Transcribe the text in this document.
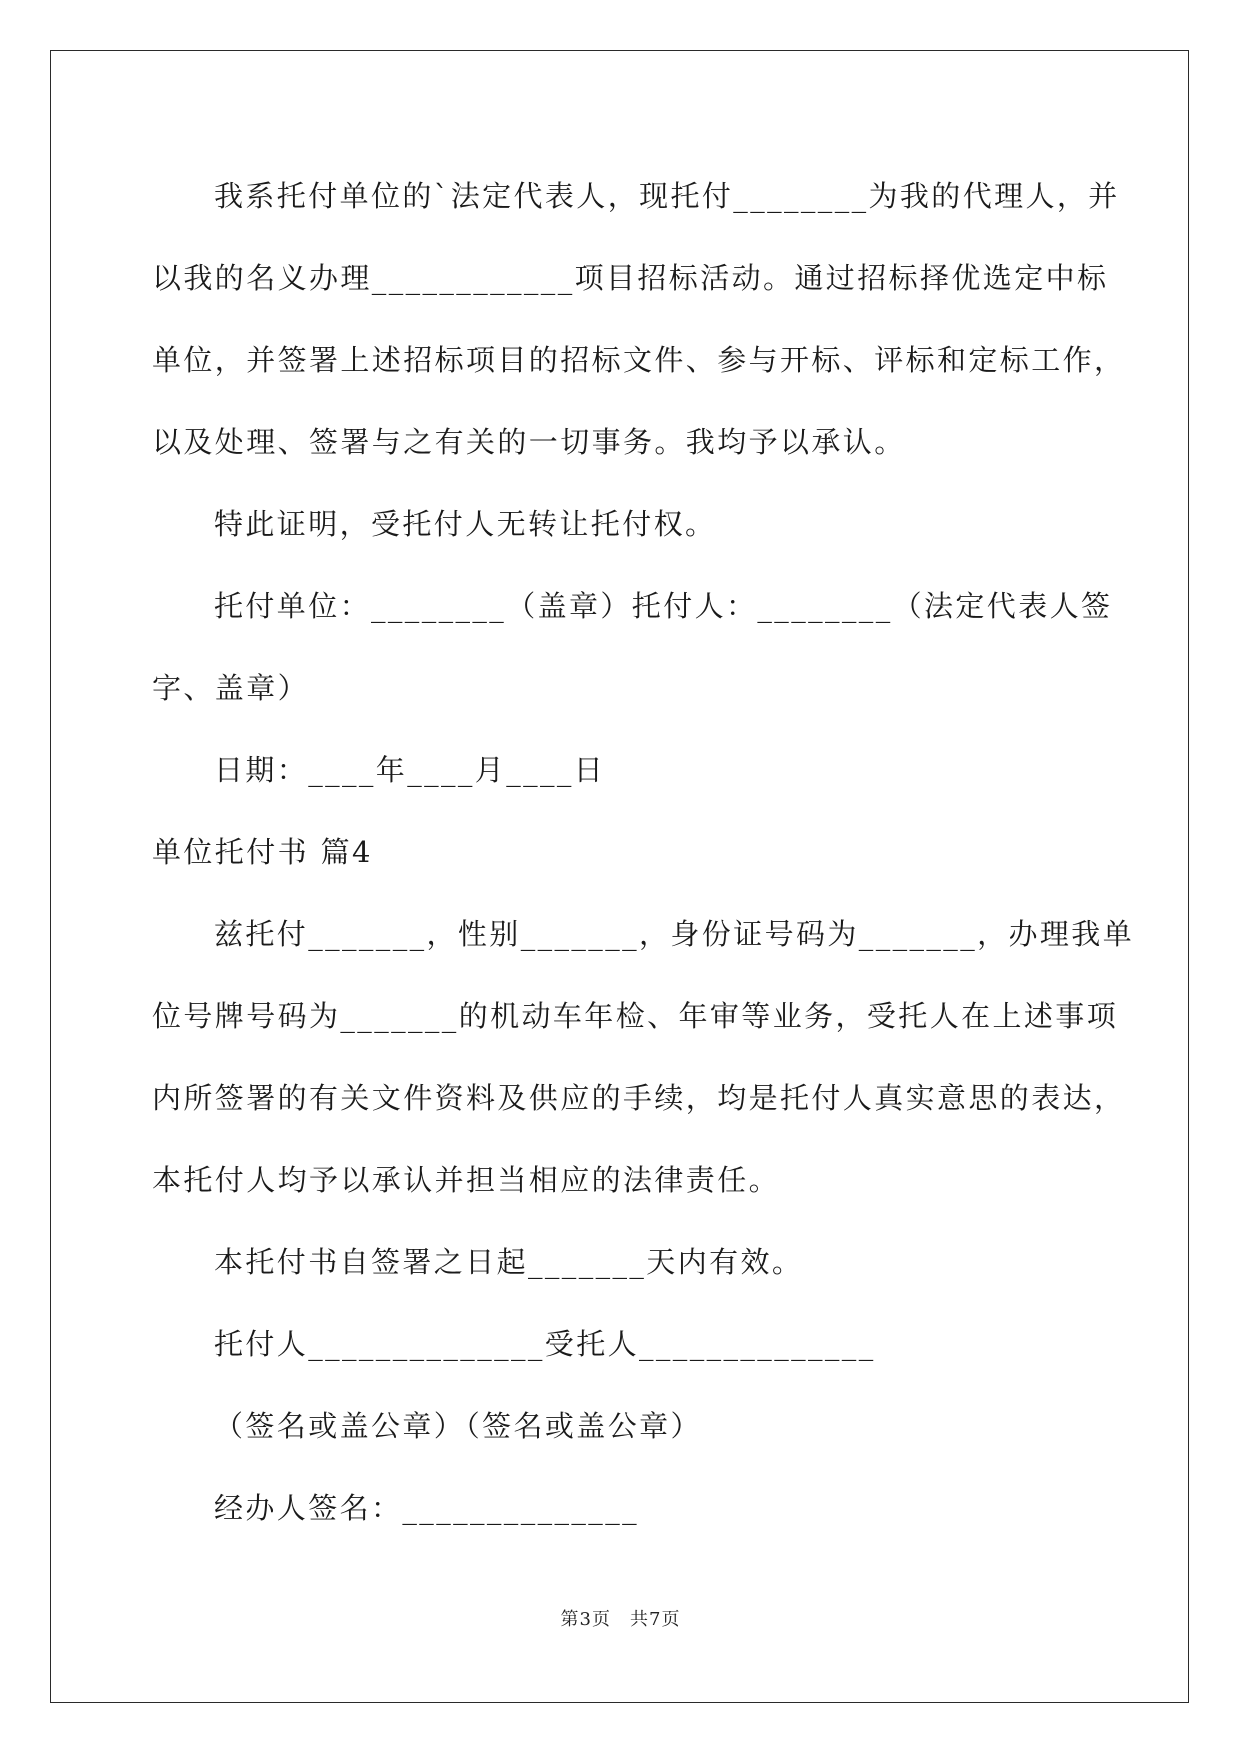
我系托付单位的`法定代表人，现托付________为我的代理人，并

以我的名义办理____________项目招标活动。通过招标择优选定中标

单位，并签署上述招标项目的招标文件、参与开标、评标和定标工作，

以及处理、签署与之有关的一切事务。我均予以承认。

特此证明，受托付人无转让托付权。

托付单位：________（盖章）托付人：________（法定代表人签

字、盖章）

日期：____年____月____日

单位托付书 篇4

兹托付_______，性别_______，身份证号码为_______，办理我单

位号牌号码为_______的机动车年检、年审等业务，受托人在上述事项

内所签署的有关文件资料及供应的手续，均是托付人真实意思的表达，

本托付人均予以承认并担当相应的法律责任。

本托付书自签署之日起_______天内有效。

托付人______________受托人______________

（签名或盖公章）（签名或盖公章）

经办人签名：______________

第3页　共7页
